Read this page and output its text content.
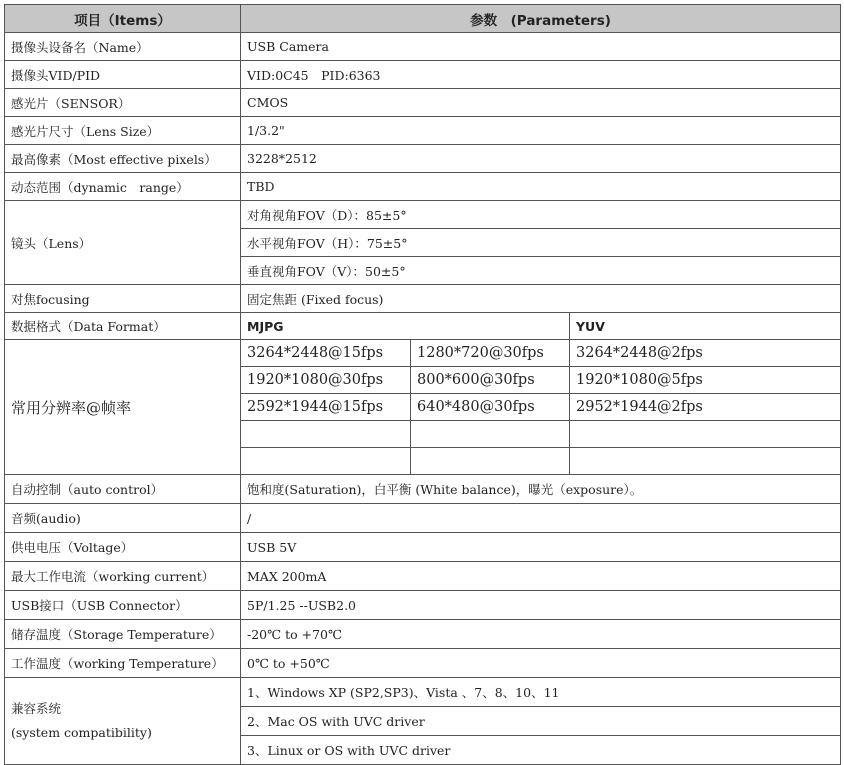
项目（Items）	参数　(Parameters)		
摄像头设备名（Name）	USB Camera		
摄像头VID/PID	VID:0C45　PID:6363		
感光片（SENSOR）	CMOS		
感光片尺寸（Lens Size）	1/3.2"		
最高像素（Most effective pixels）	3228*2512		
动态范围（dynamic　range）	TBD		
镜头（Lens）	对角视角FOV（D）：85±5°		
	水平视角FOV（H）：75±5°		
	垂直视角FOV（V）：50±5°		
对焦focusing	固定焦距 (Fixed focus)		
数据格式（Data Format）	MJPG		YUV
常用分辨率@帧率	3264*2448@15fps	1280*720@30fps	3264*2448@2fps
	1920*1080@30fps	800*600@30fps	1920*1080@5fps
	2592*1944@15fps	640*480@30fps	2952*1944@2fps

自动控制（auto control）	饱和度(Saturation)，白平衡 (White balance)，曝光（exposure）。		
音频(audio)	/		
供电电压（Voltage）	USB 5V		
最大工作电流（working current）	MAX 200mA		
USB接口（USB Connector）	5P/1.25 --USB2.0		
储存温度（Storage Temperature）	-20℃ to +70℃		
工作温度（working Temperature）	0℃ to +50℃		

兼容系统
(system compatibility)	1、Windows XP (SP2,SP3)、Vista 、7、8、10、11		
	2、Mac OS with UVC driver		
	3、Linux or OS with UVC driver		
